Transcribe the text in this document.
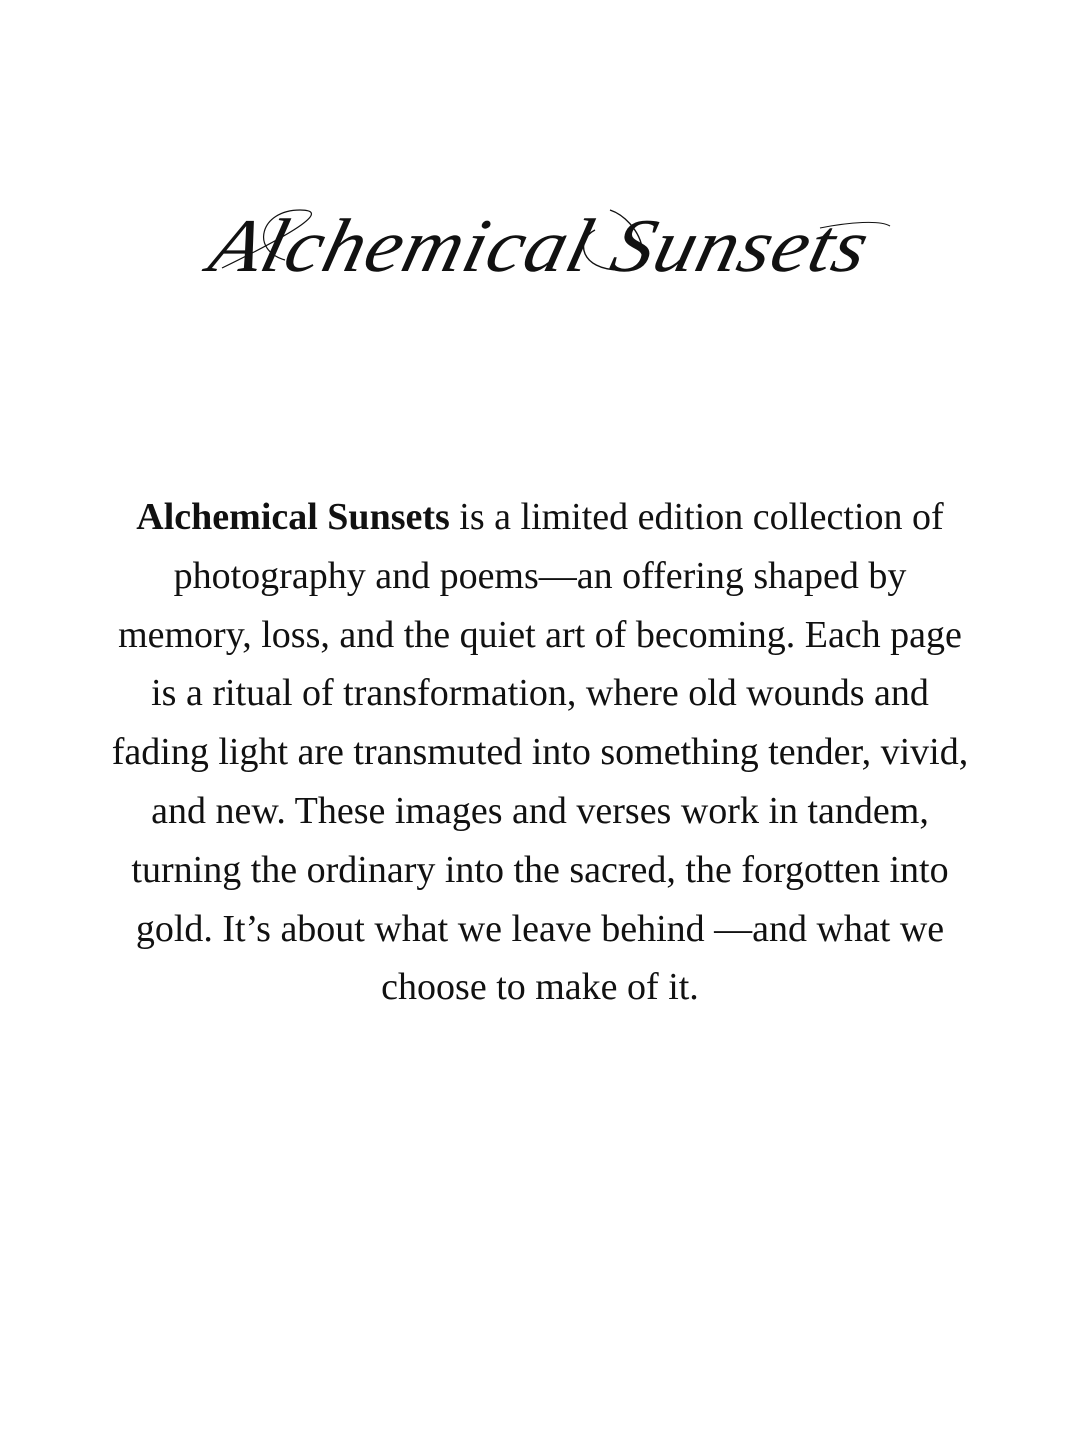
Alchemical Sunsets

Alchemical Sunsets is a limited edition collection of photography and poems—an offering shaped by memory, loss, and the quiet art of becoming. Each page is a ritual of transformation, where old wounds and fading light are transmuted into something tender, vivid, and new. These images and verses work in tandem, turning the ordinary into the sacred, the forgotten into gold. It’s about what we leave behind —and what we choose to make of it.
